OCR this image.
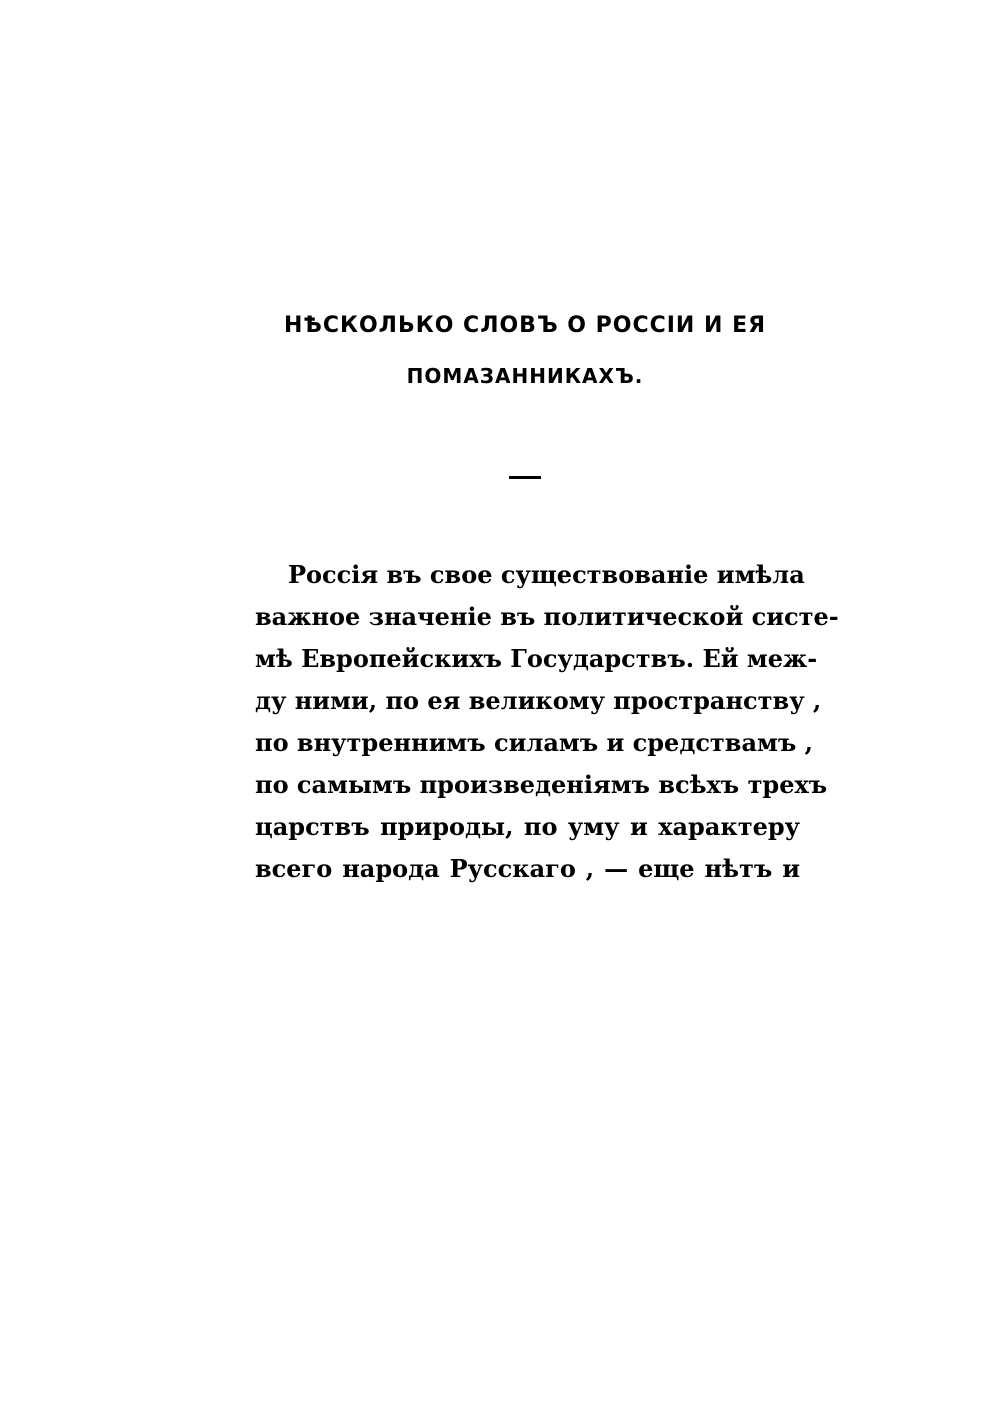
НѢСКОЛЬКО СЛОВЪ О РОССІИ И ЕЯ
ПОМАЗАННИКАХЪ.
Россія въ свое существованіе имѣла
важное значеніе въ политической систе-
мѣ Европейскихъ Государствъ. Ей меж-
ду ними, по ея великому пространству ,
по внутреннимъ силамъ и средствамъ ,
по самымъ произведеніямъ всѣхъ трехъ
царствъ природы, по уму и характеру
всего народа Русскаго , — еще нѣтъ и
